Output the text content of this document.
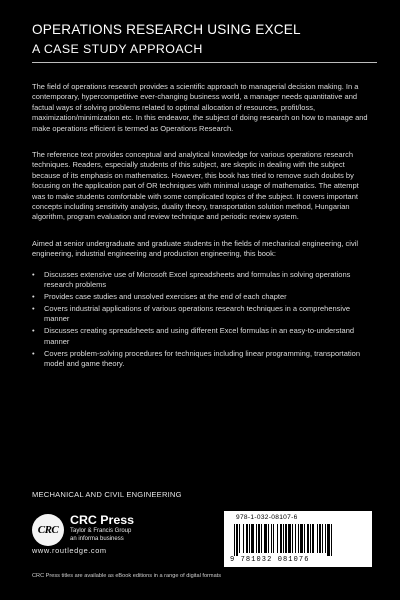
OPERATIONS RESEARCH USING EXCEL
A CASE STUDY APPROACH

The field of operations research provides a scientific approach to managerial decision making. In a contemporary, hypercompetitive ever-changing business world, a manager needs quantitative and factual ways of solving problems related to optimal allocation of resources, profit/loss, maximization/minimization etc. In this endeavor, the subject of doing research on how to manage and make operations efficient is termed as Operations Research.

The reference text provides conceptual and analytical knowledge for various operations research techniques. Readers, especially students of this subject, are skeptic in dealing with the subject because of its emphasis on mathematics. However, this book has tried to remove such doubts by focusing on the application part of OR techniques with minimal usage of mathematics. The attempt was to make students comfortable with some complicated topics of the subject. It covers important concepts including sensitivity analysis, duality theory, transportation solution method, Hungarian algorithm, program evaluation and review technique and periodic review system.

Aimed at senior undergraduate and graduate students in the fields of mechanical engineering, civil engineering, industrial engineering and production engineering, this book:

• Discusses extensive use of Microsoft Excel spreadsheets and formulas in solving operations research problems
• Provides case studies and unsolved exercises at the end of each chapter
• Covers industrial applications of various operations research techniques in a comprehensive manner
• Discusses creating spreadsheets and using different Excel formulas in an easy-to-understand manner
• Covers problem-solving procedures for techniques including linear programming, transportation model and game theory.
MECHANICAL AND CIVIL ENGINEERING
CRC
CRC Press
Taylor & Francis Group
an informa business
www.routledge.com
978-1-032-08107-6
9 781032 081076
CRC Press titles are available as eBook editions in a range of digital formats
